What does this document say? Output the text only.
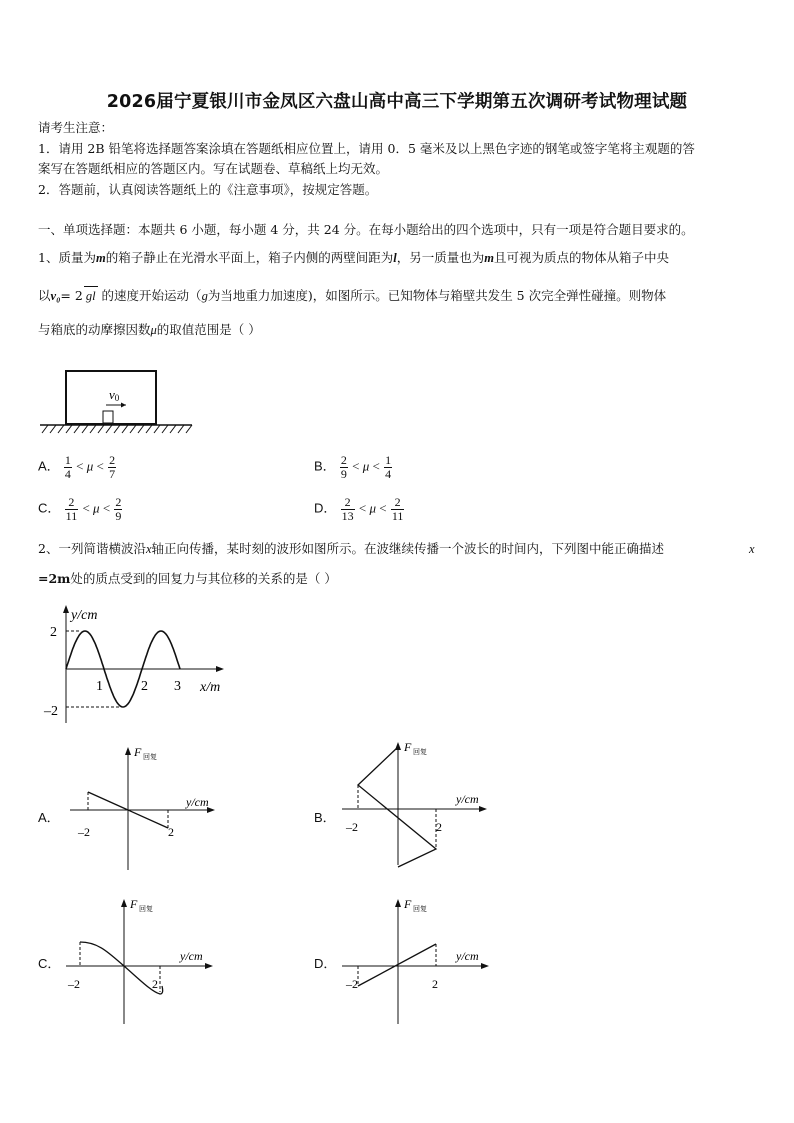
2026届宁夏银川市金凤区六盘山高中高三下学期第五次调研考试物理试题
请考生注意：
1．请用 2B 铅笔将选择题答案涂填在答题纸相应位置上，请用 0．5 毫米及以上黑色字迹的钢笔或签字笔将主观题的答
案写在答题纸相应的答题区内。写在试题卷、草稿纸上均无效。
2．答题前，认真阅读答题纸上的《注意事项》，按规定答题。
一、单项选择题：本题共 6 小题，每小题 4 分，共 24 分。在每小题给出的四个选项中，只有一项是符合题目要求的。
1、质量为m的箱子静止在光滑水平面上，箱子内侧的两壁间距为l，另一质量也为m且可视为质点的物体从箱子中央
以v₀= 2 gl 的速度开始运动（g为当地重力加速度)，如图所示。已知物体与箱壁共发生 5 次完全弹性碰撞。则物体
与箱底的动摩擦因数μ的取值范围是（ ）
v0
A． $\frac{1}{4} < \mu < \frac{2}{7}$	B． $\frac{2}{9} < \mu < \frac{1}{4}$
C． $\frac{2}{11} < \mu < \frac{2}{9}$	D． $\frac{2}{13} < \mu < \frac{2}{11}$
2、一列简谐横波沿x轴正向传播，某时刻的波形如图所示。在波继续传播一个波长的时间内，下列图中能正确描述	x
=2m处的质点受到的回复力与其位移的关系的是（ ）
y/cm
2
–2
1	2 3 x/m
A．
F 回复
y/cm
–2	2
B．
F 回复
y/cm
–2	2
C．
F 回复
y/cm
–2	2
D．
F 回复
y/cm
–2	2
